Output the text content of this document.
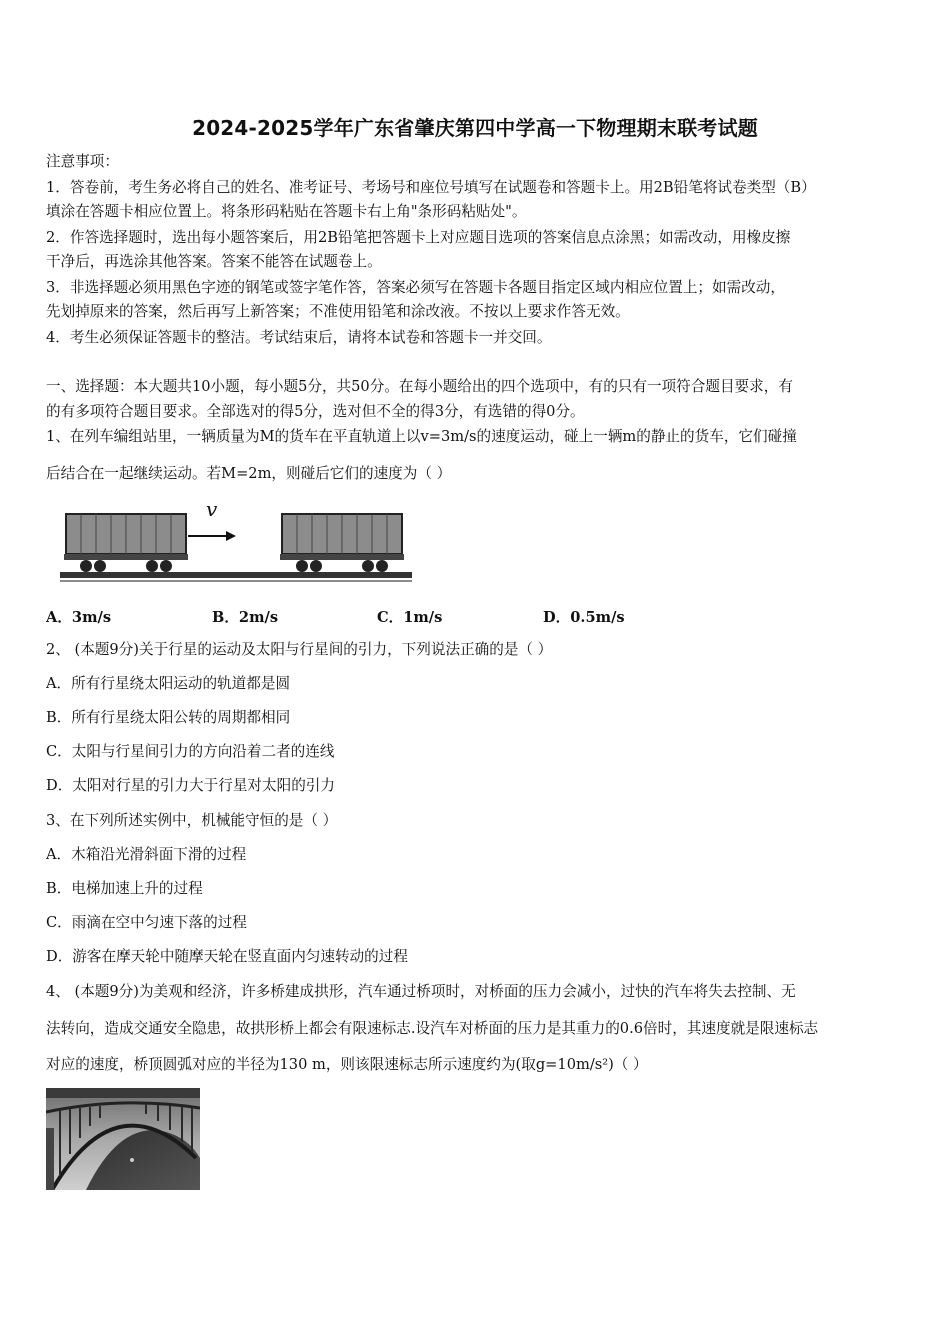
2024-2025学年广东省肇庆第四中学高一下物理期末联考试题
注意事项：
1．答卷前，考生务必将自己的姓名、准考证号、考场号和座位号填写在试题卷和答题卡上。用2B铅笔将试卷类型（B）
填涂在答题卡相应位置上。将条形码粘贴在答题卡右上角"条形码粘贴处"。
2．作答选择题时，选出每小题答案后，用2B铅笔把答题卡上对应题目选项的答案信息点涂黑；如需改动，用橡皮擦
干净后，再选涂其他答案。答案不能答在试题卷上。
3．非选择题必须用黑色字迹的钢笔或签字笔作答，答案必须写在答题卡各题目指定区域内相应位置上；如需改动，
先划掉原来的答案，然后再写上新答案；不准使用铅笔和涂改液。不按以上要求作答无效。
4．考生必须保证答题卡的整洁。考试结束后，请将本试卷和答题卡一并交回。
一、选择题：本大题共10小题，每小题5分，共50分。在每小题给出的四个选项中，有的只有一项符合题目要求，有
的有多项符合题目要求。全部选对的得5分，选对但不全的得3分，有选错的得0分。
1、在列车编组站里，一辆质量为M的货车在平直轨道上以v=3m/s的速度运动，碰上一辆m的静止的货车，它们碰撞
后结合在一起继续运动。若M=2m，则碰后它们的速度为（ ）
v
A．3m/s	B．2m/s	C．1m/s	D．0.5m/s
2、 (本题9分)关于行星的运动及太阳与行星间的引力，下列说法正确的是（ ）
A．所有行星绕太阳运动的轨道都是圆
B．所有行星绕太阳公转的周期都相同
C．太阳与行星间引力的方向沿着二者的连线
D．太阳对行星的引力大于行星对太阳的引力
3、在下列所述实例中，机械能守恒的是（ ）
A．木箱沿光滑斜面下滑的过程
B．电梯加速上升的过程
C．雨滴在空中匀速下落的过程
D．游客在摩天轮中随摩天轮在竖直面内匀速转动的过程
4、 (本题9分)为美观和经济，许多桥建成拱形，汽车通过桥项时，对桥面的压力会减小，过快的汽车将失去控制、无
法转向，造成交通安全隐患，故拱形桥上都会有限速标志.设汽车对桥面的压力是其重力的0.6倍时，其速度就是限速标志
对应的速度，桥顶圆弧对应的半径为130 m，则该限速标志所示速度约为(取g=10m/s²)（ ）
